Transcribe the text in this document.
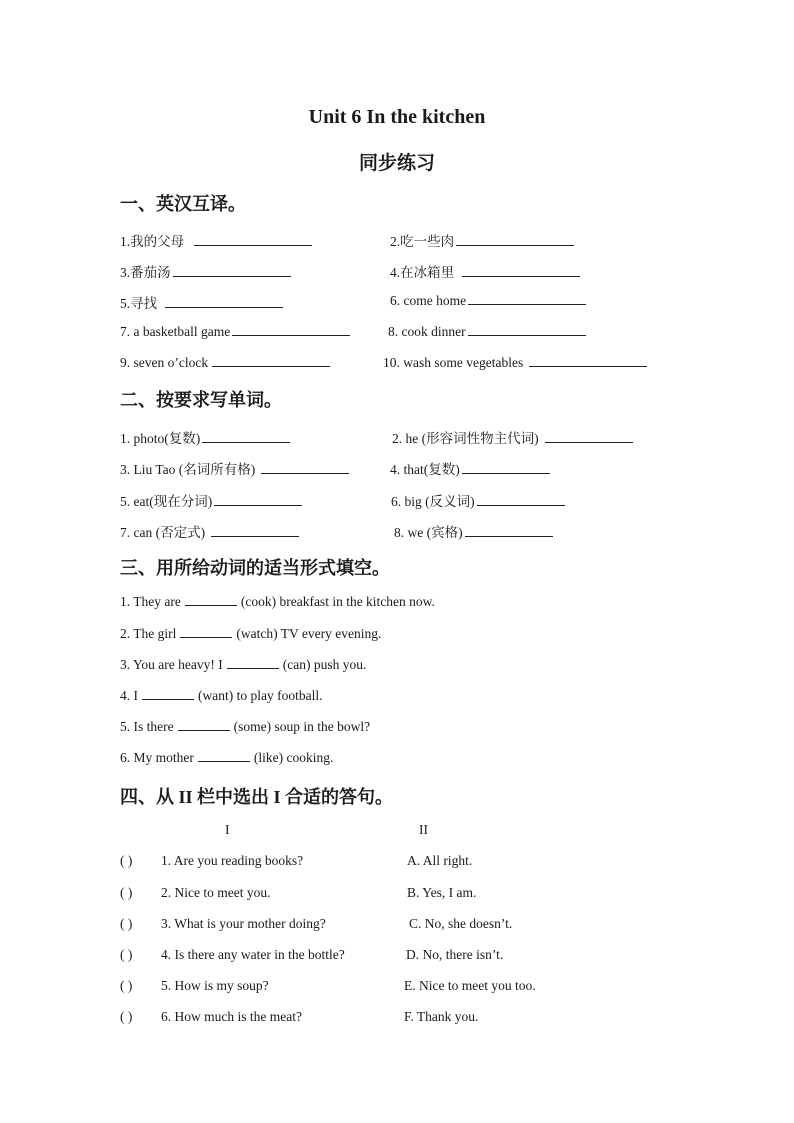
Unit 6 In the kitchen
同步练习
一、英汉互译。
1.我的父母	2.吃一些肉
3.番茄汤	4.在冰箱里
5.寻找	6. come home
7. a basketball game	8. cook dinner
9. seven o’clock	10. wash some vegetables
二、按要求写单词。
1. photo(复数)	2. he (形容词性物主代词)
3. Liu Tao (名词所有格)	4. that(复数)
5. eat(现在分词)	6. big (反义词)
7. can (否定式)	8. we (宾格)
三、用所给动词的适当形式填空。
1. They are	(cook) breakfast in the kitchen now.
2. The girl	(watch) TV every evening.
3. You are heavy! I	(can) push you.
4. I	(want) to play football.
5. Is there	(some) soup in the bowl?
6. My mother	(like) cooking.
四、从 II 栏中选出 I 合适的答句。
I	II
( ) 1. Are you reading books?	A. All right.
( ) 2. Nice to meet you.	B. Yes, I am.
( ) 3. What is your mother doing?	C. No, she doesn’t.
( ) 4. Is there any water in the bottle?	D. No, there isn’t.
( ) 5. How is my soup?	E. Nice to meet you too.
( ) 6. How much is the meat?	F. Thank you.
